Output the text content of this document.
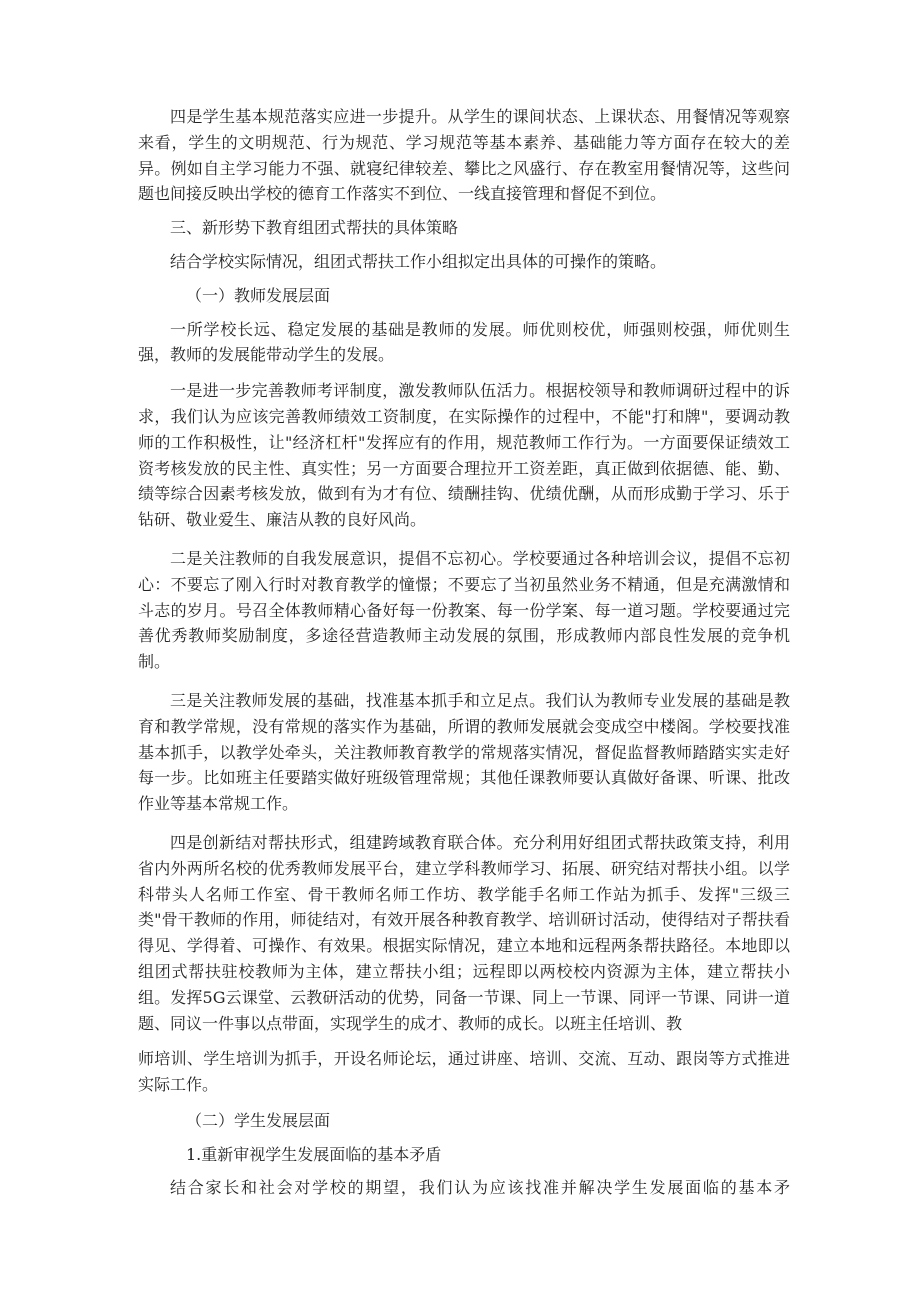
四是学生基本规范落实应进一步提升。从学生的课间状态、上课状态、用餐情况等观察来看，学生的文明规范、行为规范、学习规范等基本素养、基础能力等方面存在较大的差异。例如自主学习能力不强、就寝纪律较差、攀比之风盛行、存在教室用餐情况等，这些问题也间接反映出学校的德育工作落实不到位、一线直接管理和督促不到位。

三、新形势下教育组团式帮扶的具体策略

结合学校实际情况，组团式帮扶工作小组拟定出具体的可操作的策略。

（一）教师发展层面

一所学校长远、稳定发展的基础是教师的发展。师优则校优，师强则校强，师优则生强，教师的发展能带动学生的发展。

一是进一步完善教师考评制度，激发教师队伍活力。根据校领导和教师调研过程中的诉求，我们认为应该完善教师绩效工资制度，在实际操作的过程中，不能"打和牌"，要调动教师的工作积极性，让"经济杠杆"发挥应有的作用，规范教师工作行为。一方面要保证绩效工资考核发放的民主性、真实性；另一方面要合理拉开工资差距，真正做到依据德、能、勤、绩等综合因素考核发放，做到有为才有位、绩酬挂钩、优绩优酬，从而形成勤于学习、乐于钻研、敬业爱生、廉洁从教的良好风尚。

二是关注教师的自我发展意识，提倡不忘初心。学校要通过各种培训会议，提倡不忘初心：不要忘了刚入行时对教育教学的憧憬；不要忘了当初虽然业务不精通，但是充满激情和斗志的岁月。号召全体教师精心备好每一份教案、每一份学案、每一道习题。学校要通过完善优秀教师奖励制度，多途径营造教师主动发展的氛围，形成教师内部良性发展的竞争机制。

三是关注教师发展的基础，找准基本抓手和立足点。我们认为教师专业发展的基础是教育和教学常规，没有常规的落实作为基础，所谓的教师发展就会变成空中楼阁。学校要找准基本抓手，以教学处牵头，关注教师教育教学的常规落实情况，督促监督教师踏踏实实走好每一步。比如班主任要踏实做好班级管理常规；其他任课教师要认真做好备课、听课、批改作业等基本常规工作。

四是创新结对帮扶形式，组建跨域教育联合体。充分利用好组团式帮扶政策支持，利用省内外两所名校的优秀教师发展平台，建立学科教师学习、拓展、研究结对帮扶小组。以学科带头人名师工作室、骨干教师名师工作坊、教学能手名师工作站为抓手、发挥"三级三类"骨干教师的作用，师徒结对，有效开展各种教育教学、培训研讨活动，使得结对子帮扶看得见、学得着、可操作、有效果。根据实际情况，建立本地和远程两条帮扶路径。本地即以组团式帮扶驻校教师为主体，建立帮扶小组；远程即以两校校内资源为主体，建立帮扶小组。发挥5G云课堂、云教研活动的优势，同备一节课、同上一节课、同评一节课、同讲一道题、同议一件事以点带面，实现学生的成才、教师的成长。以班主任培训、教

师培训、学生培训为抓手，开设名师论坛，通过讲座、培训、交流、互动、跟岗等方式推进实际工作。

（二）学生发展层面

1.重新审视学生发展面临的基本矛盾

结合家长和社会对学校的期望，我们认为应该找准并解决学生发展面临的基本矛
